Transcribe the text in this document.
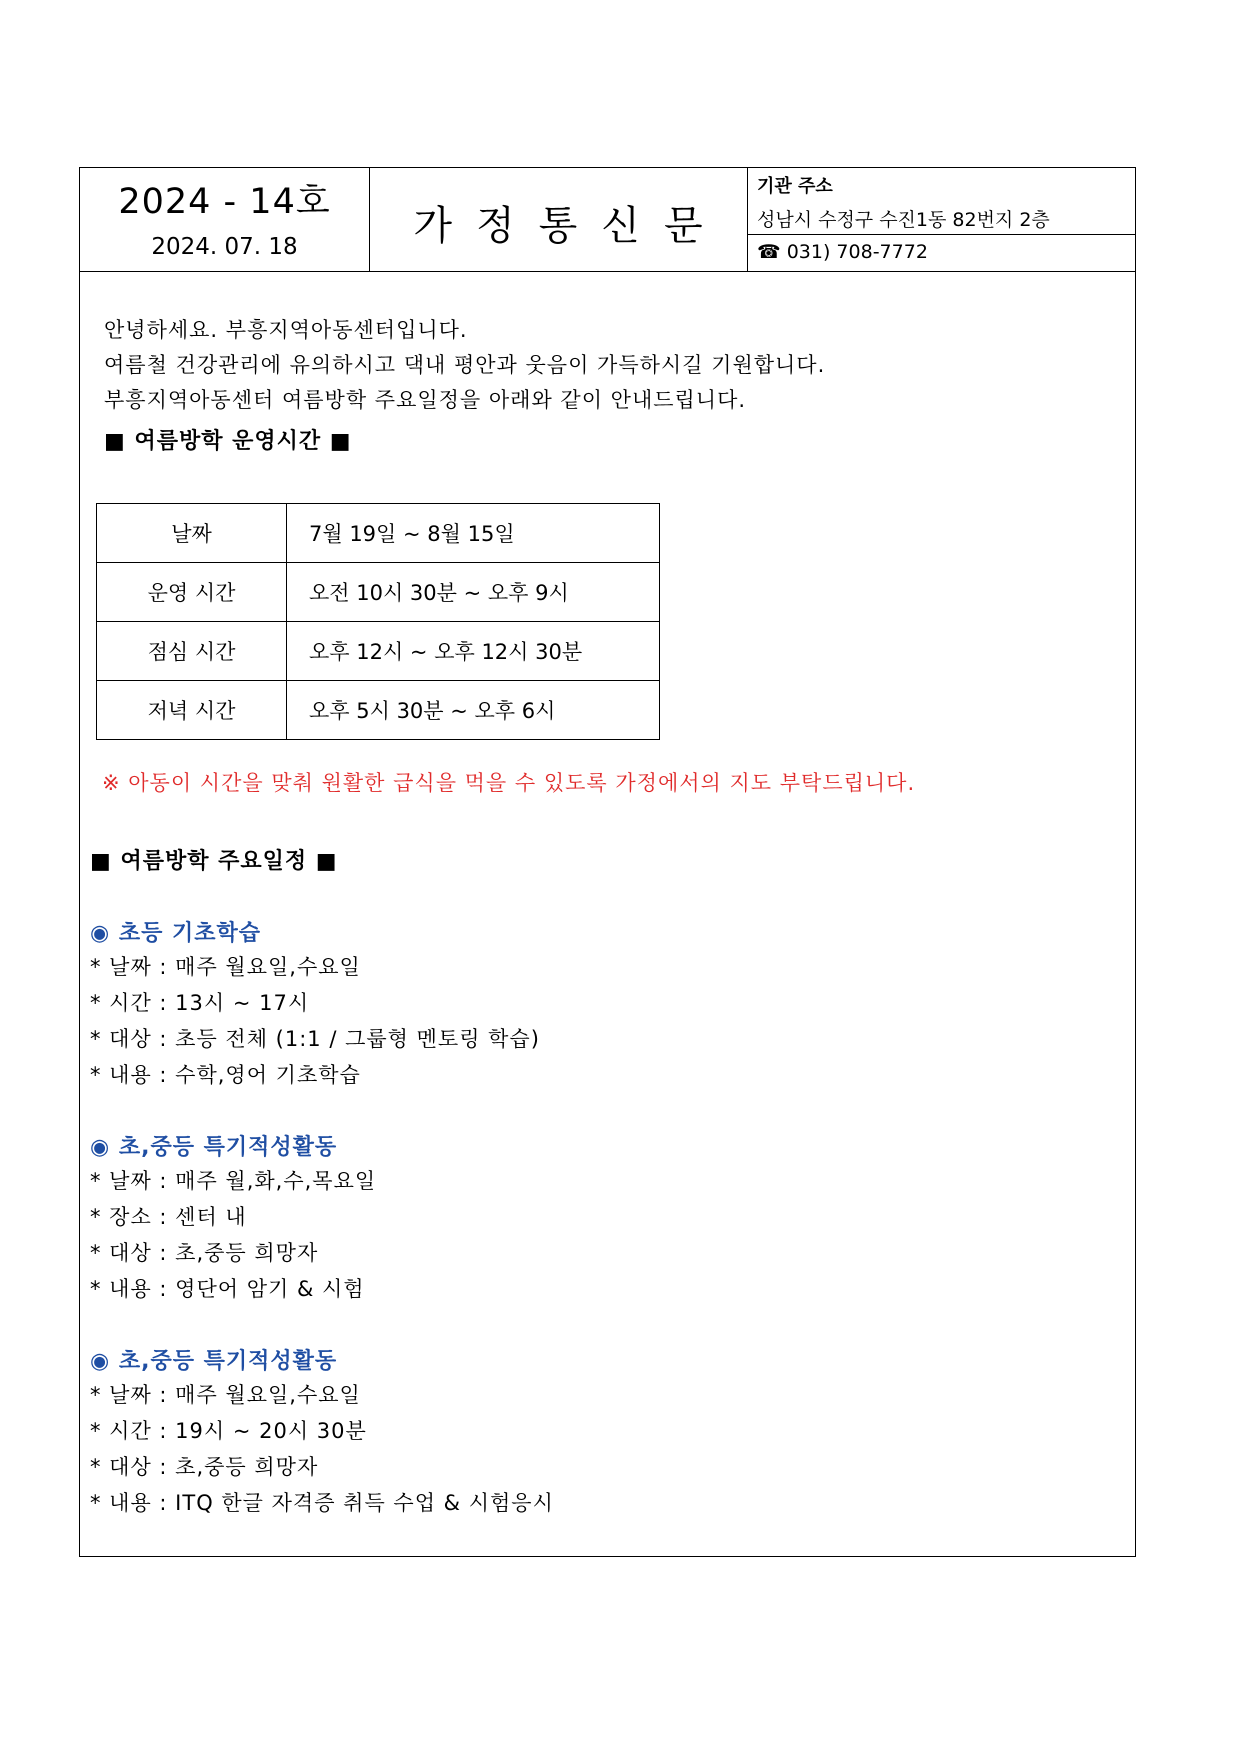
2024 - 14호
2024. 07. 18	가정통신문
기관 주소
성남시 수정구 수진1동 82번지 2층
☎ 031) 708-7772
안녕하세요. 부흥지역아동센터입니다.
여름철 건강관리에 유의하시고 댁내 평안과 웃음이 가득하시길 기원합니다.
부흥지역아동센터 여름방학 주요일정을 아래와 같이 안내드립니다.
■ 여름방학 운영시간 ■
날짜	7월 19일 ~ 8월 15일
운영 시간	오전 10시 30분 ~ 오후 9시
점심 시간	오후 12시 ~ 오후 12시 30분
저녁 시간	오후 5시 30분 ~ 오후 6시
※ 아동이 시간을 맞춰 원활한 급식을 먹을 수 있도록 가정에서의 지도 부탁드립니다.
■ 여름방학 주요일정 ■
◉ 초등 기초학습
* 날짜 : 매주 월요일,수요일
* 시간 : 13시 ~ 17시
* 대상 : 초등 전체 (1:1 / 그룹형 멘토링 학습)
* 내용 : 수학,영어 기초학습
◉ 초,중등 특기적성활동
* 날짜 : 매주 월,화,수,목요일
* 장소 : 센터 내
* 대상 : 초,중등 희망자
* 내용 : 영단어 암기 & 시험
◉ 초,중등 특기적성활동
* 날짜 : 매주 월요일,수요일
* 시간 : 19시 ~ 20시 30분
* 대상 : 초,중등 희망자
* 내용 : ITQ 한글 자격증 취득 수업 & 시험응시
